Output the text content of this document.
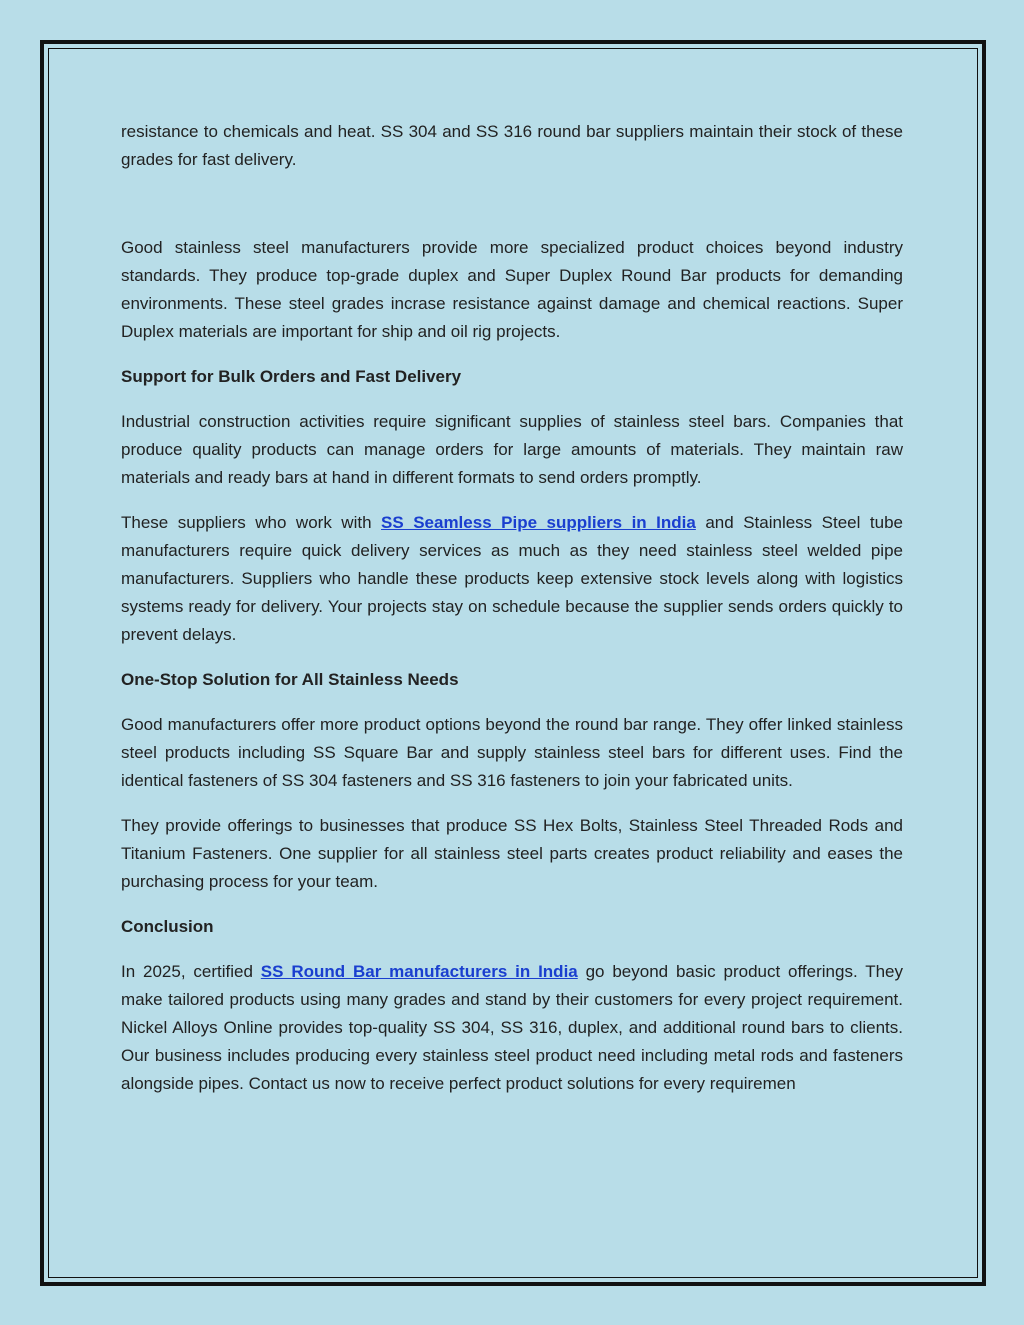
resistance to chemicals and heat. SS 304 and SS 316 round bar suppliers maintain their stock of these grades for fast delivery.

Good stainless steel manufacturers provide more specialized product choices beyond industry standards. They produce top-grade duplex and Super Duplex Round Bar products for demanding environments. These steel grades incrase resistance against damage and chemical reactions. Super Duplex materials are important for ship and oil rig projects.

Support for Bulk Orders and Fast Delivery

Industrial construction activities require significant supplies of stainless steel bars. Companies that produce quality products can manage orders for large amounts of materials. They maintain raw materials and ready bars at hand in different formats to send orders promptly.

These suppliers who work with SS Seamless Pipe suppliers in India and Stainless Steel tube manufacturers require quick delivery services as much as they need stainless steel welded pipe manufacturers. Suppliers who handle these products keep extensive stock levels along with logistics systems ready for delivery. Your projects stay on schedule because the supplier sends orders quickly to prevent delays.

One-Stop Solution for All Stainless Needs

Good manufacturers offer more product options beyond the round bar range. They offer linked stainless steel products including SS Square Bar and supply stainless steel bars for different uses. Find the identical fasteners of SS 304 fasteners and SS 316 fasteners to join your fabricated units.

They provide offerings to businesses that produce SS Hex Bolts, Stainless Steel Threaded Rods and Titanium Fasteners. One supplier for all stainless steel parts creates product reliability and eases the purchasing process for your team.

Conclusion

In 2025, certified SS Round Bar manufacturers in India go beyond basic product offerings. They make tailored products using many grades and stand by their customers for every project requirement. Nickel Alloys Online provides top-quality SS 304, SS 316, duplex, and additional round bars to clients. Our business includes producing every stainless steel product need including metal rods and fasteners alongside pipes. Contact us now to receive perfect product solutions for every requiremen
